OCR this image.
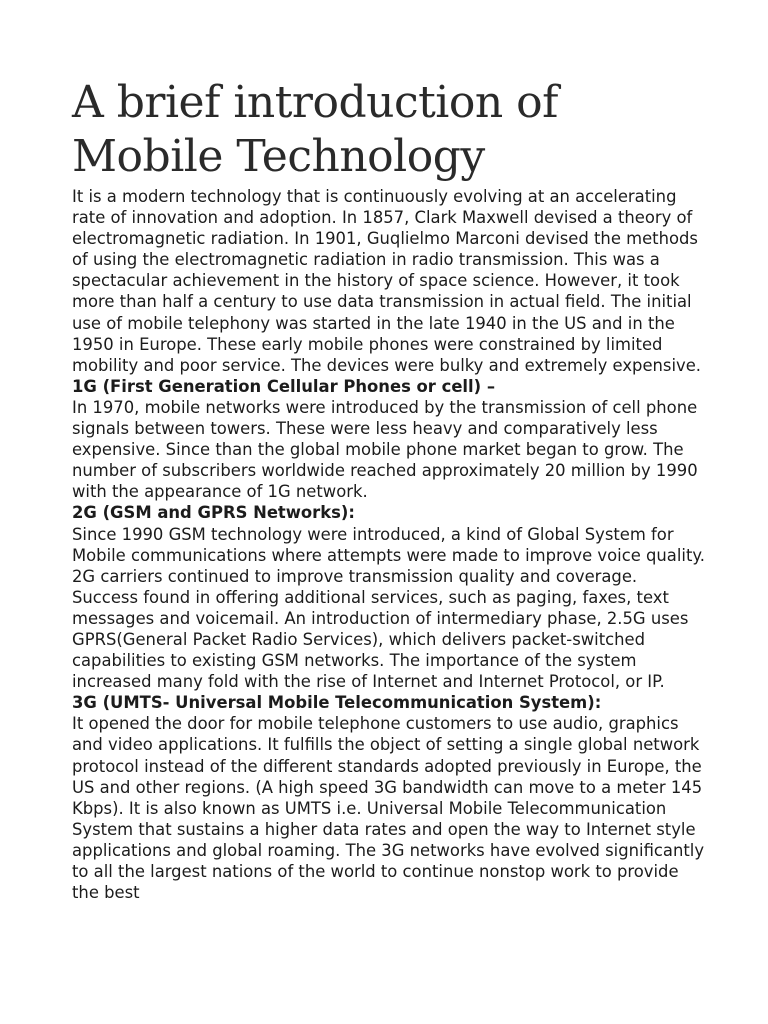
A brief introduction of
Mobile Technology

It is a modern technology that is continuously evolving at an accelerating rate of innovation and adoption. In 1857, Clark Maxwell devised a theory of electromagnetic radiation. In 1901, Guqlielmo Marconi devised the methods of using the electromagnetic radiation in radio transmission. This was a spectacular achievement in the history of space science. However, it took more than half a century to use data transmission in actual field. The initial use of mobile telephony was started in the late 1940 in the US and in the 1950 in Europe. These early mobile phones were constrained by limited mobility and poor service. The devices were bulky and extremely expensive.

1G (First Generation Cellular Phones or cell) –

In 1970, mobile networks were introduced by the transmission of cell phone signals between towers. These were less heavy and comparatively less expensive. Since than the global mobile phone market began to grow. The number of subscribers worldwide reached approximately 20 million by 1990 with the appearance of 1G network.

2G (GSM and GPRS Networks):

Since 1990 GSM technology were introduced, a kind of Global System for Mobile communications where attempts were made to improve voice quality. 2G carriers continued to improve transmission quality and coverage. Success found in offering additional services, such as paging, faxes, text messages and voicemail. An introduction of intermediary phase, 2.5G uses GPRS(General Packet Radio Services), which delivers packet-switched capabilities to existing GSM networks. The importance of the system increased many fold with the rise of Internet and Internet Protocol, or IP.

3G (UMTS- Universal Mobile Telecommunication System):

It opened the door for mobile telephone customers to use audio, graphics and video applications. It fulfills the object of setting a single global network protocol instead of the different standards adopted previously in Europe, the US and other regions. (A high speed 3G bandwidth can move to a meter 145 Kbps). It is also known as UMTS i.e. Universal Mobile Telecommunication System that sustains a higher data rates and open the way to Internet style applications and global roaming. The 3G networks have evolved significantly to all the largest nations of the world to continue nonstop work to provide the best
